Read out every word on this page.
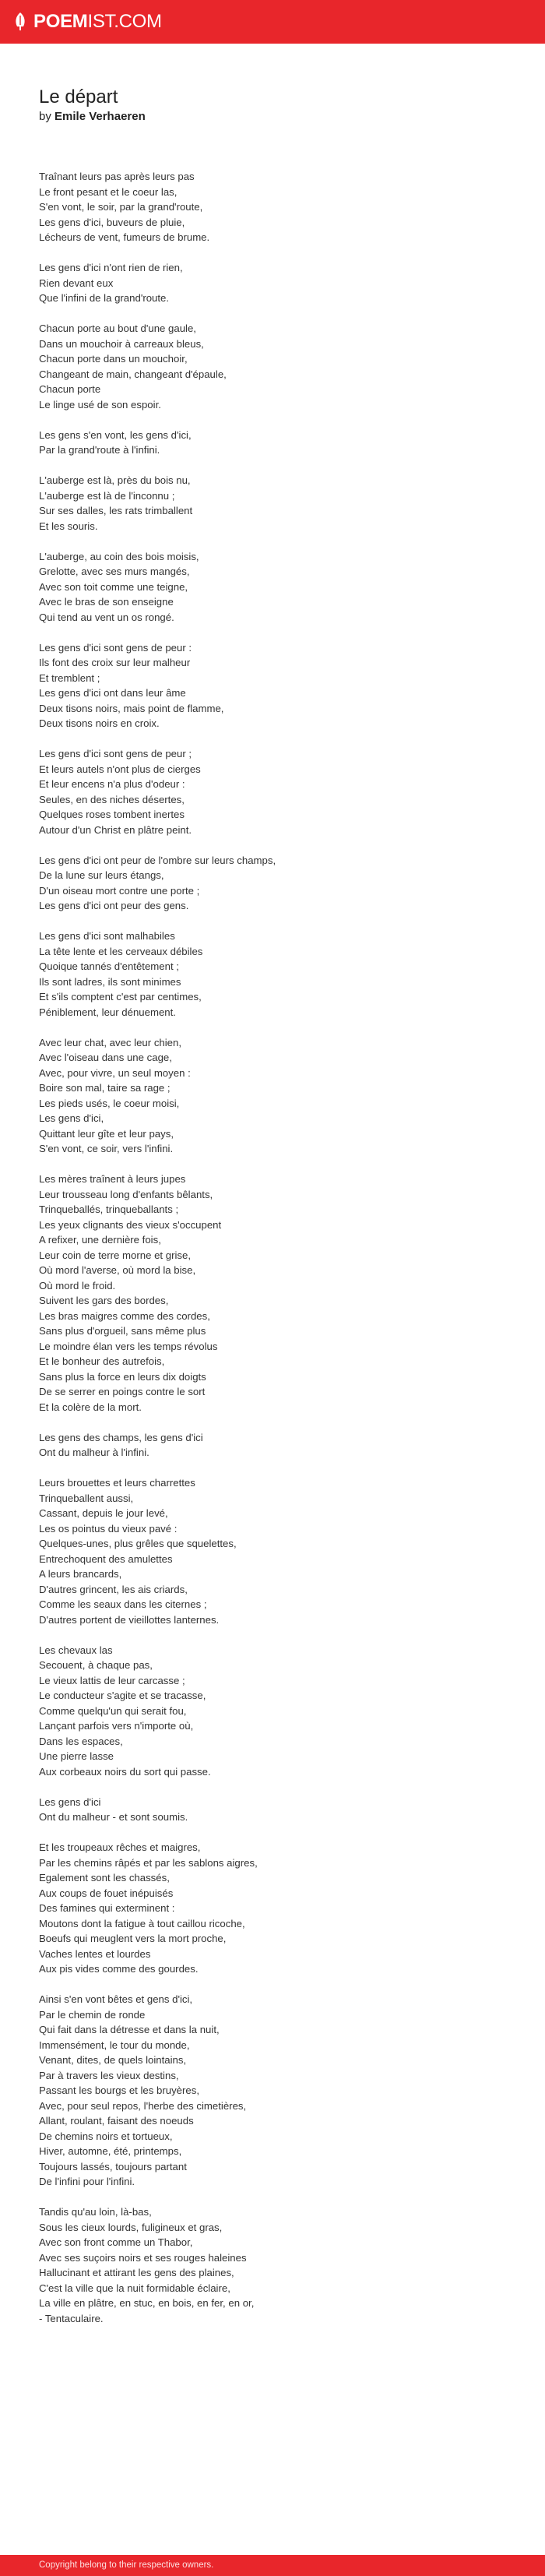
POEMIST.COM
Le départ
by Emile Verhaeren

Traînant leurs pas après leurs pas
Le front pesant et le coeur las,
S'en vont, le soir, par la grand'route,
Les gens d'ici, buveurs de pluie,
Lécheurs de vent, fumeurs de brume.

Les gens d'ici n'ont rien de rien,
Rien devant eux
Que l'infini de la grand'route.

Chacun porte au bout d'une gaule,
Dans un mouchoir à carreaux bleus,
Chacun porte dans un mouchoir,
Changeant de main, changeant d'épaule,
Chacun porte
Le linge usé de son espoir.

Les gens s'en vont, les gens d'ici,
Par la grand'route à l'infini.

L'auberge est là, près du bois nu,
L'auberge est là de l'inconnu ;
Sur ses dalles, les rats trimballent
Et les souris.

L'auberge, au coin des bois moisis,
Grelotte, avec ses murs mangés,
Avec son toit comme une teigne,
Avec le bras de son enseigne
Qui tend au vent un os rongé.

Les gens d'ici sont gens de peur :
Ils font des croix sur leur malheur
Et tremblent ;
Les gens d'ici ont dans leur âme
Deux tisons noirs, mais point de flamme,
Deux tisons noirs en croix.

Les gens d'ici sont gens de peur ;
Et leurs autels n'ont plus de cierges
Et leur encens n'a plus d'odeur :
Seules, en des niches désertes,
Quelques roses tombent inertes
Autour d'un Christ en plâtre peint.

Les gens d'ici ont peur de l'ombre sur leurs champs,
De la lune sur leurs étangs,
D'un oiseau mort contre une porte ;
Les gens d'ici ont peur des gens.

Les gens d'ici sont malhabiles
La tête lente et les cerveaux débiles
Quoique tannés d'entêtement ;
Ils sont ladres, ils sont minimes
Et s'ils comptent c'est par centimes,
Péniblement, leur dénuement.

Avec leur chat, avec leur chien,
Avec l'oiseau dans une cage,
Avec, pour vivre, un seul moyen :
Boire son mal, taire sa rage ;
Les pieds usés, le coeur moisi,
Les gens d'ici,
Quittant leur gîte et leur pays,
S'en vont, ce soir, vers l'infini.

Les mères traînent à leurs jupes
Leur trousseau long d'enfants bêlants,
Trinqueballés, trinqueballants ;
Les yeux clignants des vieux s'occupent
A refixer, une dernière fois,
Leur coin de terre morne et grise,
Où mord l'averse, où mord la bise,
Où mord le froid.
Suivent les gars des bordes,
Les bras maigres comme des cordes,
Sans plus d'orgueil, sans même plus
Le moindre élan vers les temps révolus
Et le bonheur des autrefois,
Sans plus la force en leurs dix doigts
De se serrer en poings contre le sort
Et la colère de la mort.

Les gens des champs, les gens d'ici
Ont du malheur à l'infini.

Leurs brouettes et leurs charrettes
Trinqueballent aussi,
Cassant, depuis le jour levé,
Les os pointus du vieux pavé :
Quelques-unes, plus grêles que squelettes,
Entrechoquent des amulettes
A leurs brancards,
D'autres grincent, les ais criards,
Comme les seaux dans les citernes ;
D'autres portent de vieillottes lanternes.

Les chevaux las
Secouent, à chaque pas,
Le vieux lattis de leur carcasse ;
Le conducteur s'agite et se tracasse,
Comme quelqu'un qui serait fou,
Lançant parfois vers n'importe où,
Dans les espaces,
Une pierre lasse
Aux corbeaux noirs du sort qui passe.

Les gens d'ici
Ont du malheur - et sont soumis.

Et les troupeaux rêches et maigres,
Par les chemins râpés et par les sablons aigres,
Egalement sont les chassés,
Aux coups de fouet inépuisés
Des famines qui exterminent :
Moutons dont la fatigue à tout caillou ricoche,
Boeufs qui meuglent vers la mort proche,
Vaches lentes et lourdes
Aux pis vides comme des gourdes.

Ainsi s'en vont bêtes et gens d'ici,
Par le chemin de ronde
Qui fait dans la détresse et dans la nuit,
Immensément, le tour du monde,
Venant, dites, de quels lointains,
Par à travers les vieux destins,
Passant les bourgs et les bruyères,
Avec, pour seul repos, l'herbe des cimetières,
Allant, roulant, faisant des noeuds
De chemins noirs et tortueux,
Hiver, automne, été, printemps,
Toujours lassés, toujours partant
De l'infini pour l'infini.

Tandis qu'au loin, là-bas,
Sous les cieux lourds, fuligineux et gras,
Avec son front comme un Thabor,
Avec ses suçoirs noirs et ses rouges haleines
Hallucinant et attirant les gens des plaines,
C'est la ville que la nuit formidable éclaire,
La ville en plâtre, en stuc, en bois, en fer, en or,
- Tentaculaire.

Copyright belong to their respective owners.
